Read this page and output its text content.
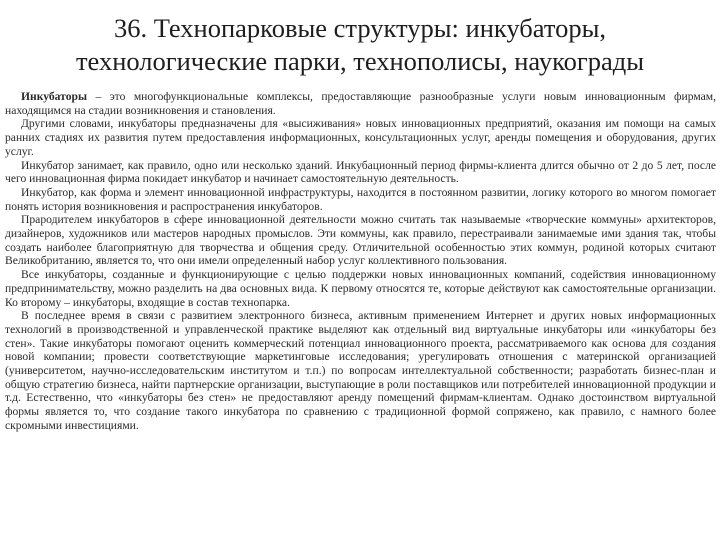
36. Технопарковые структуры: инкубаторы,
технологические парки, технополисы, наукограды

Инкубаторы – это многофункциональные комплексы, предоставляющие разнообразные услуги новым инновационным фирмам, находящимся на стадии возникновения и становления.

Другими словами, инкубаторы предназначены для «высиживания» новых инновационных предприятий, оказания им помощи на самых ранних стадиях их развития путем предоставления информационных, консультационных услуг, аренды помещения и оборудования, других услуг.

Инкубатор занимает, как правило, одно или несколько зданий. Инкубационный период фирмы-клиента длится обычно от 2 до 5 лет, после чего инновационная фирма покидает инкубатор и начинает самостоятельную деятельность.

Инкубатор, как форма и элемент инновационной инфраструктуры, находится в постоянном развитии, логику которого во многом помогает понять история возникновения и распространения инкубаторов.

Прародителем инкубаторов в сфере инновационной деятельности можно считать так называемые «творческие коммуны» архитекторов, дизайнеров, художников или мастеров народных промыслов. Эти коммуны, как правило, перестраивали занимаемые ими здания так, чтобы создать наиболее благоприятную для творчества и общения среду. Отличительной особенностью этих коммун, родиной которых считают Великобританию, является то, что они имели определенный набор услуг коллективного пользования.

Все инкубаторы, созданные и функционирующие с целью поддержки новых инновационных компаний, содействия инновационному предпринимательству, можно разделить на два основных вида. К первому относятся те, которые действуют как самостоятельные организации. Ко второму – инкубаторы, входящие в состав технопарка.

В последнее время в связи с развитием электронного бизнеса, активным применением Интернет и других новых информационных технологий в производственной и управленческой практике выделяют как отдельный вид виртуальные инкубаторы или «инкубаторы без стен». Такие инкубаторы помогают оценить коммерческий потенциал инновационного проекта, рассматриваемого как основа для создания новой компании; провести соответствующие маркетинговые исследования; урегулировать отношения с материнской организацией (университетом, научно-исследовательским институтом и т.п.) по вопросам интеллектуальной собственности; разработать бизнес-план и общую стратегию бизнеса, найти партнерские организации, выступающие в роли поставщиков или потребителей инновационной продукции и т.д. Естественно, что «инкубаторы без стен» не предоставляют аренду помещений фирмам-клиентам. Однако достоинством виртуальной формы является то, что создание такого инкубатора по сравнению с традиционной формой сопряжено, как правило, с намного более скромными инвестициями.
